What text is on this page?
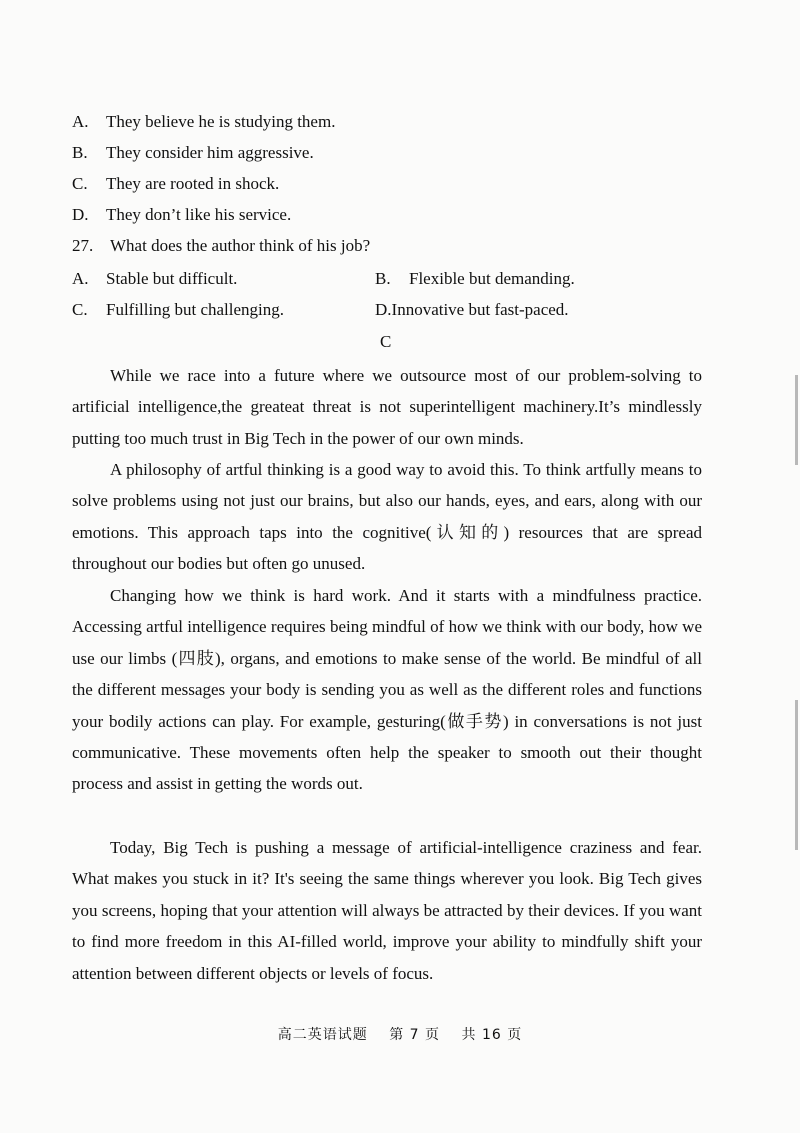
A. They believe he is studying them.
B. They consider him aggressive.
C. They are rooted in shock.
D. They don’t like his service.
27. What does the author think of his job?
A. Stable but difficult.	B. Flexible but demanding.
C. Fulfilling but challenging.	D.Innovative but fast-paced.
C

While we race into a future where we outsource most of our problem-solving to artificial intelligence,the greateat threat is not superintelligent machinery.It’s mindlessly putting too much trust in Big Tech in the power of our own minds.

A philosophy of artful thinking is a good way to avoid this. To think artfully means to solve problems using not just our brains, but also our hands, eyes, and ears, along with our emotions. This approach taps into the cognitive(认知的) resources that are spread throughout our bodies but often go unused.

Changing how we think is hard work. And it starts with a mindfulness practice. Accessing artful intelligence requires being mindful of how we think with our body, how we use our limbs (四肢), organs, and emotions to make sense of the world. Be mindful of all the different messages your body is sending you as well as the different roles and functions your bodily actions can play. For example, gesturing(做手势) in conversations is not just communicative. These movements often help the speaker to smooth out their thought process and assist in getting the words out.

Today, Big Tech is pushing a message of artificial-intelligence craziness and fear. What makes you stuck in it? It's seeing the same things wherever you look. Big Tech gives you screens, hoping that your attention will always be attracted by their devices. If you want to find more freedom in this AI-filled world, improve your ability to mindfully shift your attention between different objects or levels of focus.

高二英语试题 第 7 页 共 16 页
